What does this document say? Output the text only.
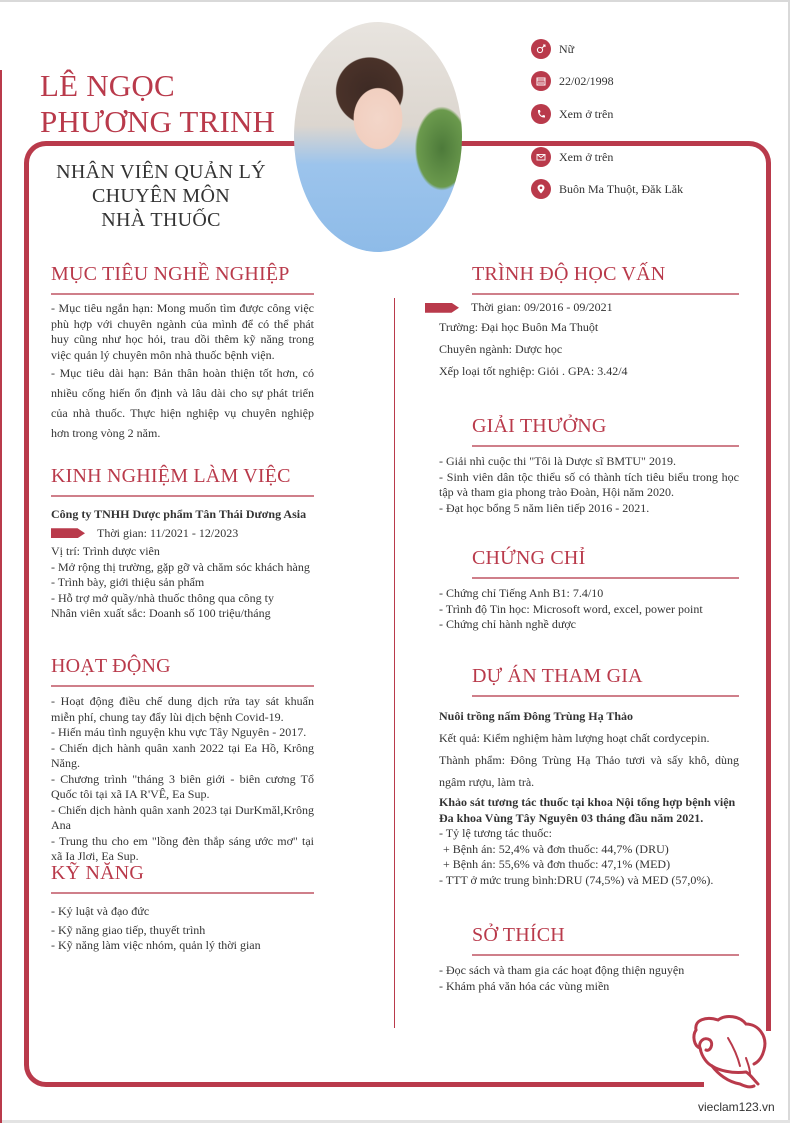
LÊ NGỌC
PHƯƠNG TRINH
NHÂN VIÊN QUẢN LÝ
CHUYÊN MÔN
NHÀ THUỐC
Nữ
22/02/1998
Xem ở trên
Xem ở trên
Buôn Ma Thuột, Đăk Lăk
MỤC TIÊU NGHỀ NGHIỆP
- Mục tiêu ngắn hạn: Mong muốn tìm được công việc phù hợp với chuyên ngành của mình để có thể phát huy cũng như học hỏi, trau dồi thêm kỹ năng trong việc quản lý chuyên môn nhà thuốc bệnh viện.
- Mục tiêu dài hạn: Bản thân hoàn thiện tốt hơn, có nhiều cống hiến ổn định và lâu dài cho sự phát triển của nhà thuốc. Thực hiện nghiệp vụ chuyên nghiệp hơn trong vòng 2 năm.
KINH NGHIỆM LÀM VIỆC
Công ty TNHH Dược phẩm Tân Thái Dương Asia
Thời gian: 11/2021 - 12/2023
Vị trí: Trình dược viên
- Mở rộng thị trường, gặp gỡ và chăm sóc khách hàng
- Trình bày, giới thiệu sản phẩm
- Hỗ trợ mở quầy/nhà thuốc thông qua công ty
Nhân viên xuất sắc: Doanh số 100 triệu/tháng
HOẠT ĐỘNG
- Hoạt động điều chế dung dịch rửa tay sát khuẩn miễn phí, chung tay đẩy lùi dịch bệnh Covid-19.
- Hiến máu tình nguyện khu vực Tây Nguyên - 2017.
- Chiến dịch hành quân xanh 2022 tại Ea Hồ, Krông Năng.
- Chương trình "tháng 3 biên giới - biên cương Tổ Quốc tôi tại xã IA R'VÊ, Ea Sup.
- Chiến dịch hành quân xanh 2023 tại DurKmăl,Krông Ana
- Trung thu cho em "lồng đèn thắp sáng ước mơ" tại xã Ia Jlơi, Ea Sup.
KỸ NĂNG
- Kỷ luật và đạo đức
- Kỹ năng giao tiếp, thuyết trình
- Kỹ năng làm việc nhóm, quản lý thời gian
TRÌNH ĐỘ HỌC VẤN
Thời gian: 09/2016 - 09/2021
Trường: Đại học Buôn Ma Thuột
Chuyên ngành: Dược học
Xếp loại tốt nghiệp: Giỏi . GPA: 3.42/4
GIẢI THƯỞNG
- Giải nhì cuộc thi "Tôi là Dược sĩ BMTU" 2019.
- Sinh viên dân tộc thiểu số có thành tích tiêu biểu trong học tập và tham gia phong trào Đoàn, Hội năm 2020.
- Đạt học bổng 5 năm liên tiếp 2016 - 2021.
CHỨNG CHỈ
- Chứng chỉ Tiếng Anh B1: 7.4/10
- Trình độ Tin học: Microsoft word, excel, power point
- Chứng chỉ hành nghề dược
DỰ ÁN THAM GIA
Nuôi trồng nấm Đông Trùng Hạ Thảo
Kết quả: Kiểm nghiệm hàm lượng hoạt chất cordycepin.
Thành phẩm: Đông Trùng Hạ Thảo tươi và sấy khô, dùng ngâm rượu, làm trà.
Khảo sát tương tác thuốc tại khoa Nội tổng hợp bệnh viện Đa khoa Vùng Tây Nguyên 03 tháng đầu năm 2021.
- Tỷ lệ tương tác thuốc:
+ Bệnh án: 52,4% và đơn thuốc: 44,7% (DRU)
+ Bệnh án: 55,6% và đơn thuốc: 47,1% (MED)
- TTT ở mức trung bình:DRU (74,5%) và MED (57,0%).
SỞ THÍCH
- Đọc sách và tham gia các hoạt động thiện nguyện
- Khám phá văn hóa các vùng miền
vieclam123.vn
